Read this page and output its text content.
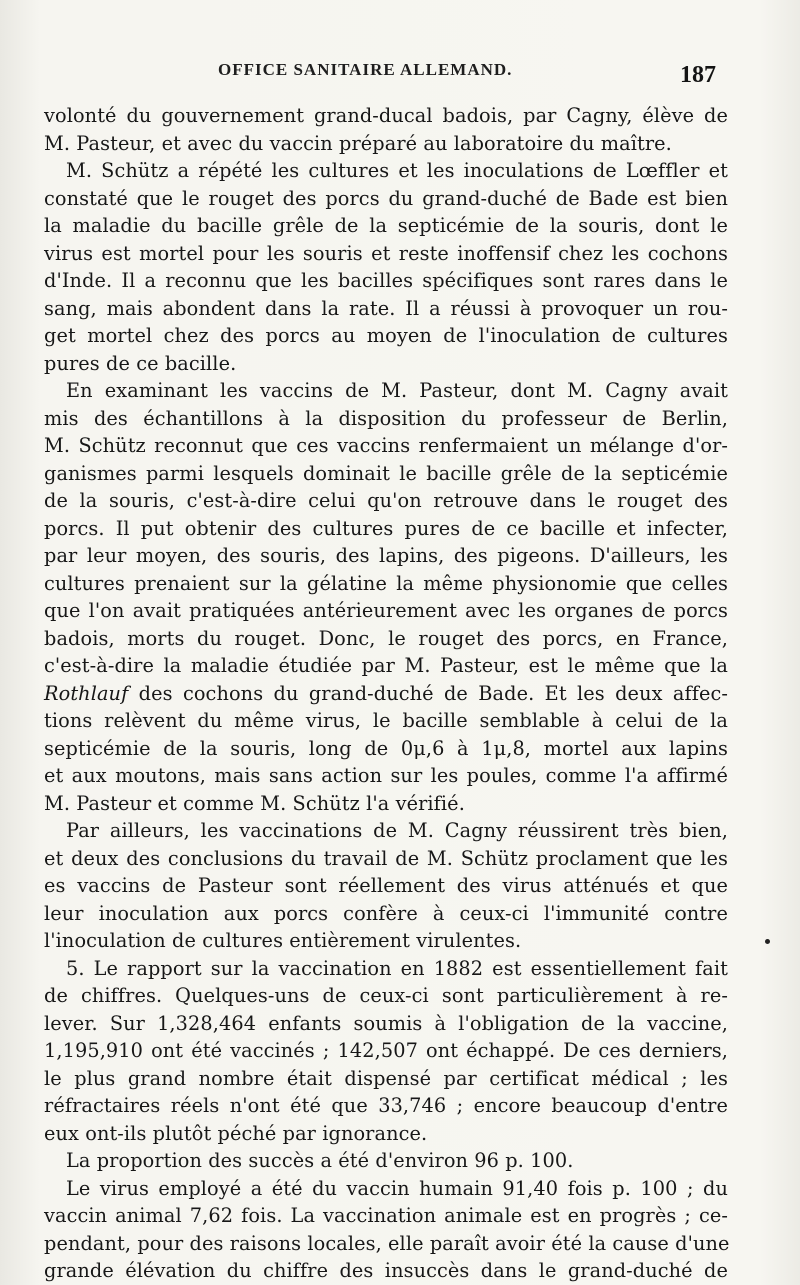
OFFICE SANITAIRE ALLEMAND.	187
volonté du gouvernement grand-ducal badois, par Cagny, élève de
M. Pasteur, et avec du vaccin préparé au laboratoire du maître.
M. Schütz a répété les cultures et les inoculations de Lœffler et
constaté que le rouget des porcs du grand-duché de Bade est bien
la maladie du bacille grêle de la septicémie de la souris, dont le
virus est mortel pour les souris et reste inoffensif chez les cochons
d'Inde. Il a reconnu que les bacilles spécifiques sont rares dans le
sang, mais abondent dans la rate. Il a réussi à provoquer un rou-
get mortel chez des porcs au moyen de l'inoculation de cultures
pures de ce bacille.
En examinant les vaccins de M. Pasteur, dont M. Cagny avait
mis des échantillons à la disposition du professeur de Berlin,
M. Schütz reconnut que ces vaccins renfermaient un mélange d'or-
ganismes parmi lesquels dominait le bacille grêle de la septicémie
de la souris, c'est-à-dire celui qu'on retrouve dans le rouget des
porcs. Il put obtenir des cultures pures de ce bacille et infecter,
par leur moyen, des souris, des lapins, des pigeons. D'ailleurs, les
cultures prenaient sur la gélatine la même physionomie que celles
que l'on avait pratiquées antérieurement avec les organes de porcs
badois, morts du rouget. Donc, le rouget des porcs, en France,
c'est-à-dire la maladie étudiée par M. Pasteur, est le même que la
Rothlauf des cochons du grand-duché de Bade. Et les deux affec-
tions relèvent du même virus, le bacille semblable à celui de la
septicémie de la souris, long de 0μ,6 à 1μ,8, mortel aux lapins
et aux moutons, mais sans action sur les poules, comme l'a affirmé
M. Pasteur et comme M. Schütz l'a vérifié.
Par ailleurs, les vaccinations de M. Cagny réussirent très bien,
et deux des conclusions du travail de M. Schütz proclament que les
es vaccins de Pasteur sont réellement des virus atténués et que
leur inoculation aux porcs confère à ceux-ci l'immunité contre
l'inoculation de cultures entièrement virulentes.
5. Le rapport sur la vaccination en 1882 est essentiellement fait
de chiffres. Quelques-uns de ceux-ci sont particulièrement à re-
lever. Sur 1,328,464 enfants soumis à l'obligation de la vaccine,
1,195,910 ont été vaccinés ; 142,507 ont échappé. De ces derniers,
le plus grand nombre était dispensé par certificat médical ; les
réfractaires réels n'ont été que 33,746 ; encore beaucoup d'entre
eux ont-ils plutôt péché par ignorance.
La proportion des succès a été d'environ 96 p. 100.
Le virus employé a été du vaccin humain 91,40 fois p. 100 ; du
vaccin animal 7,62 fois. La vaccination animale est en progrès ; ce-
pendant, pour des raisons locales, elle paraît avoir été la cause d'une
grande élévation du chiffre des insuccès dans le grand-duché de
